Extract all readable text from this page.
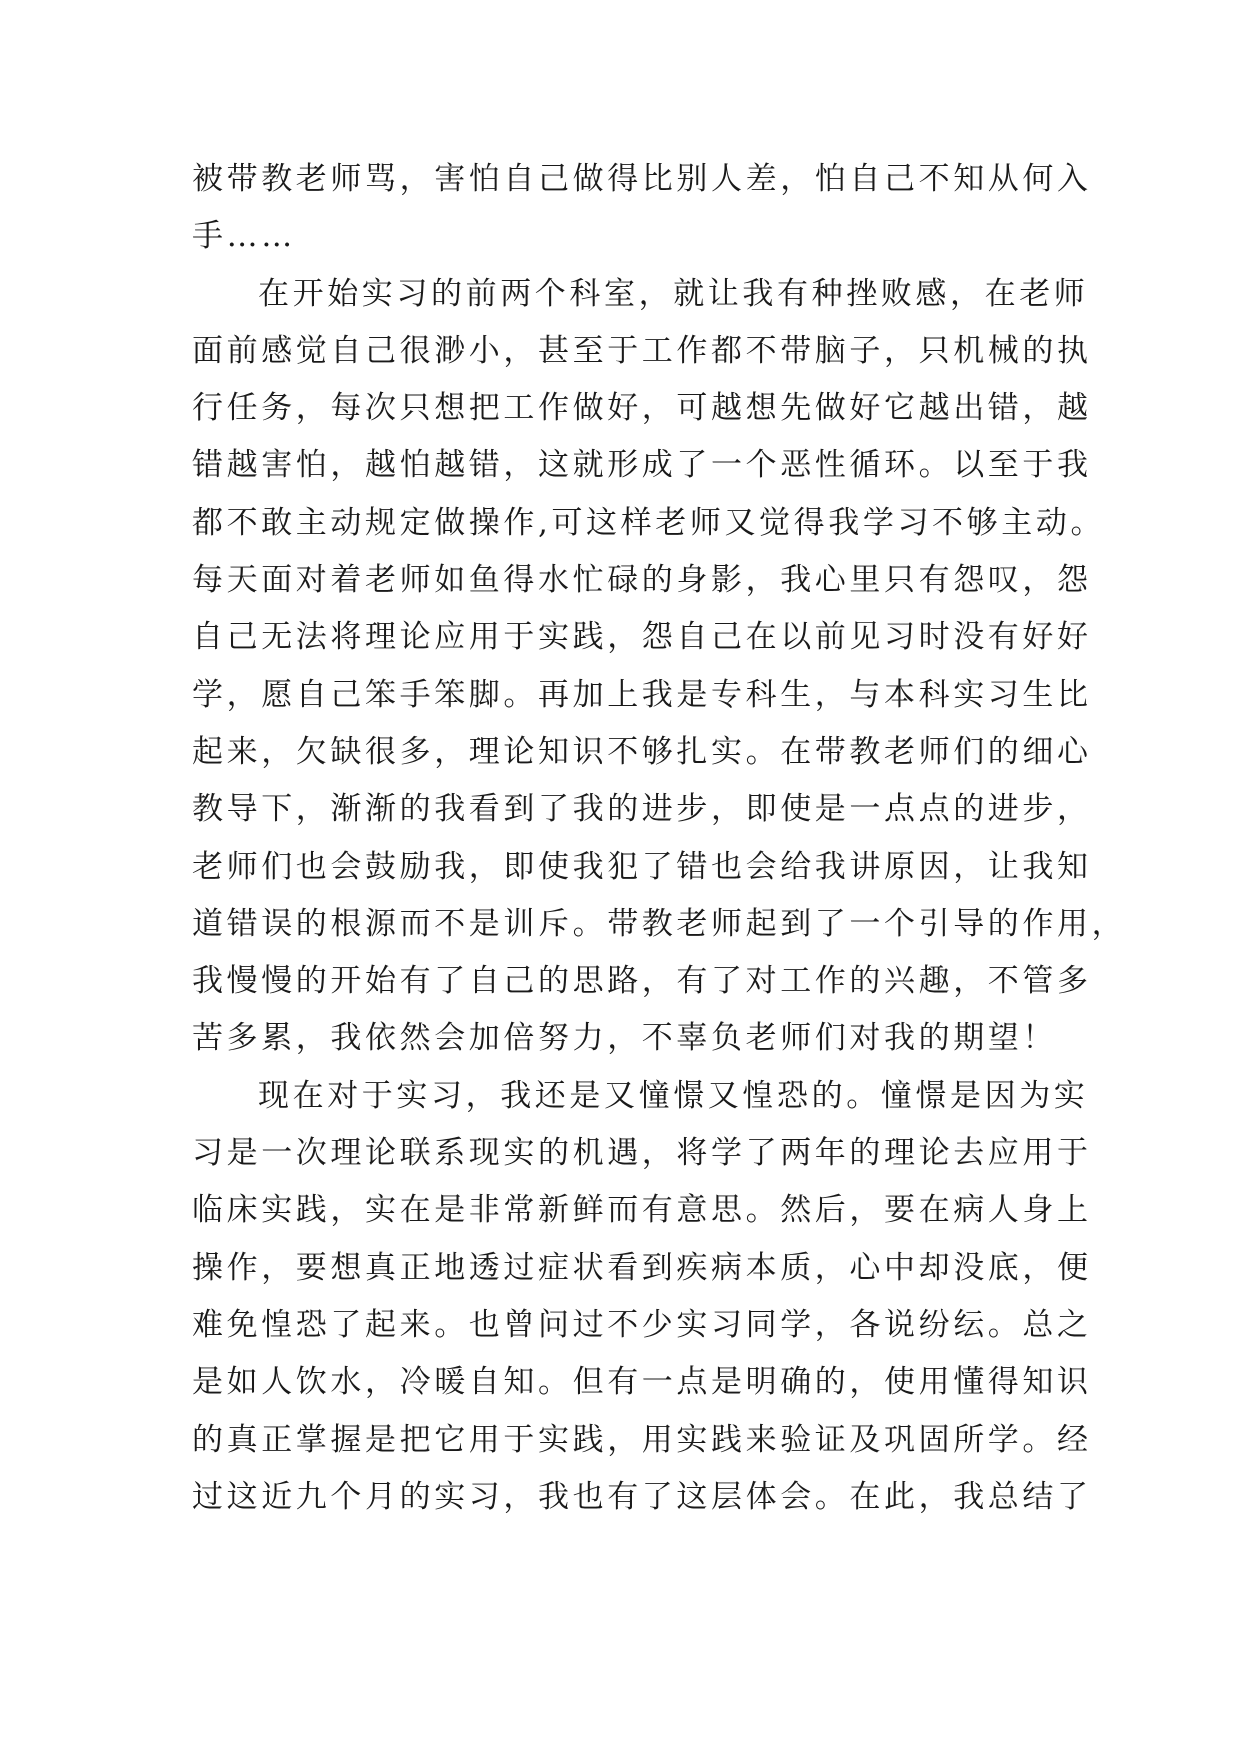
被带教老师骂，害怕自己做得比别人差，怕自己不知从何入
手……
在开始实习的前两个科室，就让我有种挫败感，在老师
面前感觉自己很渺小，甚至于工作都不带脑子，只机械的执
行任务，每次只想把工作做好，可越想先做好它越出错，越
错越害怕，越怕越错，这就形成了一个恶性循环。以至于我
都不敢主动规定做操作,可这样老师又觉得我学习不够主动。
每天面对着老师如鱼得水忙碌的身影，我心里只有怨叹，怨
自己无法将理论应用于实践，怨自己在以前见习时没有好好
学，愿自己笨手笨脚。再加上我是专科生，与本科实习生比
起来，欠缺很多，理论知识不够扎实。在带教老师们的细心
教导下，渐渐的我看到了我的进步，即使是一点点的进步，
老师们也会鼓励我，即使我犯了错也会给我讲原因，让我知
道错误的根源而不是训斥。带教老师起到了一个引导的作用，
我慢慢的开始有了自己的思路，有了对工作的兴趣，不管多
苦多累，我依然会加倍努力，不辜负老师们对我的期望！
现在对于实习，我还是又憧憬又惶恐的。憧憬是因为实
习是一次理论联系现实的机遇，将学了两年的理论去应用于
临床实践，实在是非常新鲜而有意思。然后，要在病人身上
操作，要想真正地透过症状看到疾病本质，心中却没底，便
难免惶恐了起来。也曾问过不少实习同学，各说纷纭。总之
是如人饮水，冷暖自知。但有一点是明确的，使用懂得知识
的真正掌握是把它用于实践，用实践来验证及巩固所学。经
过这近九个月的实习，我也有了这层体会。在此，我总结了
